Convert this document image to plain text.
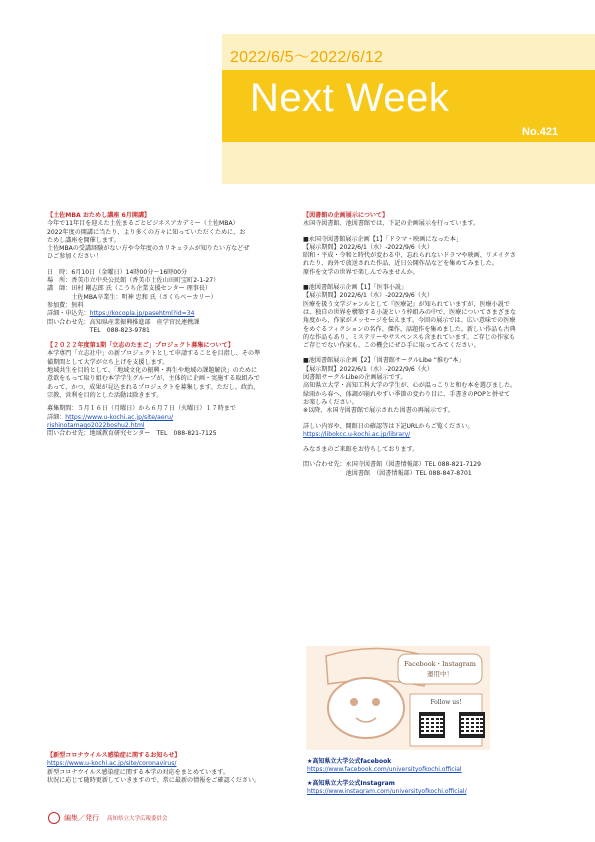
2022/6/5～2022/6/12
Next Week
No.421

【土佐MBA おためし講座 6月開講】

今年で11年目を迎えた土佐まるごとビジネスアカデミー（土佐MBA）

2022年度の開講に当たり、より多くの方々に知っていただくために、お

ためし講座を開催します。

土佐MBAの受講経験がない方や今年度のカリキュラムが知りたい方などぜ

ひご参加ください！

日　時：6月10日（金曜日）14時00分～16時00分

場　所：香美市立中央公民館（香美市土佐山田町宝町2-1-27）

講　師：田村 剛志郎 氏（こうち企業支援センター 理事長）

　　　　土佐MBA卒業生：明神 忠和 氏（さくらベーカリー）

参加費：無料

詳細・申込先：https://kocopla.jp/pasehtml?id=34

問い合わせ先：高知県産業振興推進部　産学官民連携課

　　　　　　　TEL　088-823-9781

【２０２２年度第1期「立志のたまご」プロジェクト募集について】

本学専門「立志社中」の新プロジェクトとして申請することを目指し、その準

備期間として大学が立ち上げを支援します。

地域共生を目的として、「地域文化の振興・再生や地域の課題解決」のために

意欲をもって取り組む本学学生グループが、主体的に企画・実施する取組みで

あって、かつ、成果が見込まれるプロジェクトを募集します。ただし、政治、

宗教、営利を目的とした活動は除きます。

募集期間：５月１６日（月曜日）から６月７日（火曜日）１７時まで

詳細：https://www.u-kochi.ac.jp/site/aeru/

rishinotamago2022boshu2.html

問い合わせ先：地域教育研究センター　TEL　088-821-7125

【図書館の企画展示について】

永国寺図書館、池図書館では、下記の企画展示を行っています。

■永国寺図書館展示企画【1】「ドラマ・映画になった本」

【展示期間】2022/6/1（水）-2022/9/6（火）

昭和・平成・令和と時代が変わる中、忘れられないドラマや映画、リメイクさ

れたり、海外で放送された作品、近日公開作品などを集めてみました。

原作を文学の世界で楽しんでみませんか。

■池図書館展示企画【1】「医事小説」

【展示期間】2022/6/1（水）-2022/9/6（火）

医療を扱う文学ジャンルとして『医療記』が知られていますが、医療小説で

は、独自の世界を構築する小説という枠組みの中で、医療についてさまざまな

角度から、作家がメッセージを伝えます。今回の展示では、広い意味での医療

をめぐるフィクションの名作、傑作、話題作を集めました。新しい作品も古典

的な作品もあり、ミステリーやサスペンスも含まれています。ご存じの作家も

ご存じでない作家も、この機会にぜひ手に取ってみてください。

■池図書館展示企画【2】「図書館サークルLibe “推む”本」

【展示期間】2022/6/1（水）-2022/9/6（火）

図書館サークルLibeの企画展示です。

高知県立大学・高知工科大学の学生が、心が温っこりと和む本を選びました。

緑雨から春へ、体調が崩れやすい季節の変わり目に、手書きのPOPと併せて

お楽しみください。

※以降、永国寺図書館で展示された図書の再展示です。

詳しい内容や、開館日の確認等は下記URLからご覧ください。

https://libokcc.u-kochi.ac.jp/library/

みなさまのご来館をお待ちしております。

問い合わせ先：永国寺図書館（図書情報部）TEL 088-821-7129

　　　　　　　池図書館　（図書情報部）TEL 088-847-8701

Facebook・Instagram
運用中！
Follow us!

【新型コロナウイルス感染症に関するお知らせ】

https://www.u-kochi.ac.jp/site/coronavirus/

新型コロナウイルス感染症に関する本学の対応をまとめています。

状況に応じて随時更新していきますので、常に最新の情報をご確認ください。

★高知県立大学公式facebook

https://www.facebook.com/universityofkochi.official

★高知県立大学公式Instagram

https://www.instagram.com/universityofkochi.official/

編集／発行 高知県立大学広報委員会
